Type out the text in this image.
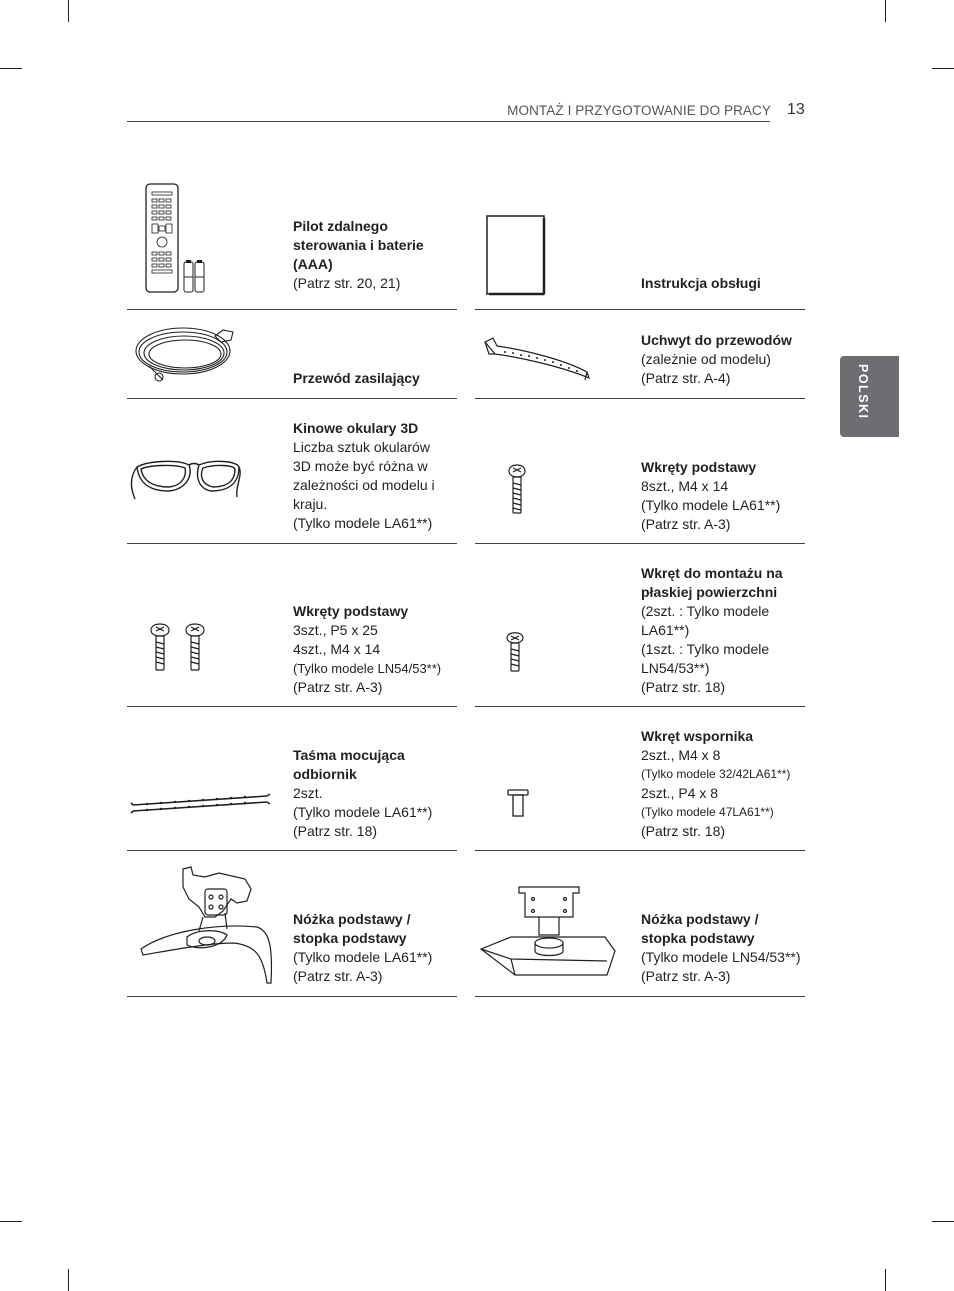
MONTAŻ I PRZYGOTOWANIE DO PRACY 13
POLSKI
Pilot zdalnego
sterowania i baterie
(AAA)
(Patrz str. 20, 21)	Instrukcja obsługi
Przewód zasilający
Uchwyt do przewodów
(zależnie od modelu)
(Patrz str. A-4)
Kinowe okulary 3D
Liczba sztuk okularów
3D może być różna w
zależności od modelu i
kraju.
(Tylko modele LA61**)
Wkręty podstawy
8szt., M4 x 14
(Tylko modele LA61**)
(Patrz str. A-3)
Wkręty podstawy
3szt., P5 x 25
4szt., M4 x 14
(Tylko modele LN54/53**)
(Patrz str. A-3)
Wkręt do montażu na
płaskiej powierzchni
(2szt. : Tylko modele
LA61**)
(1szt. : Tylko modele
LN54/53**)
(Patrz str. 18)
Taśma mocująca
odbiornik
2szt.
(Tylko modele LA61**)
(Patrz str. 18)
Wkręt wspornika
2szt., M4 x 8
(Tylko modele 32/42LA61**)
2szt., P4 x 8
(Tylko modele 47LA61**)
(Patrz str. 18)
Nóżka podstawy /
stopka podstawy
(Tylko modele LA61**)
(Patrz str. A-3)
Nóżka podstawy /
stopka podstawy
(Tylko modele LN54/53**)
(Patrz str. A-3)
